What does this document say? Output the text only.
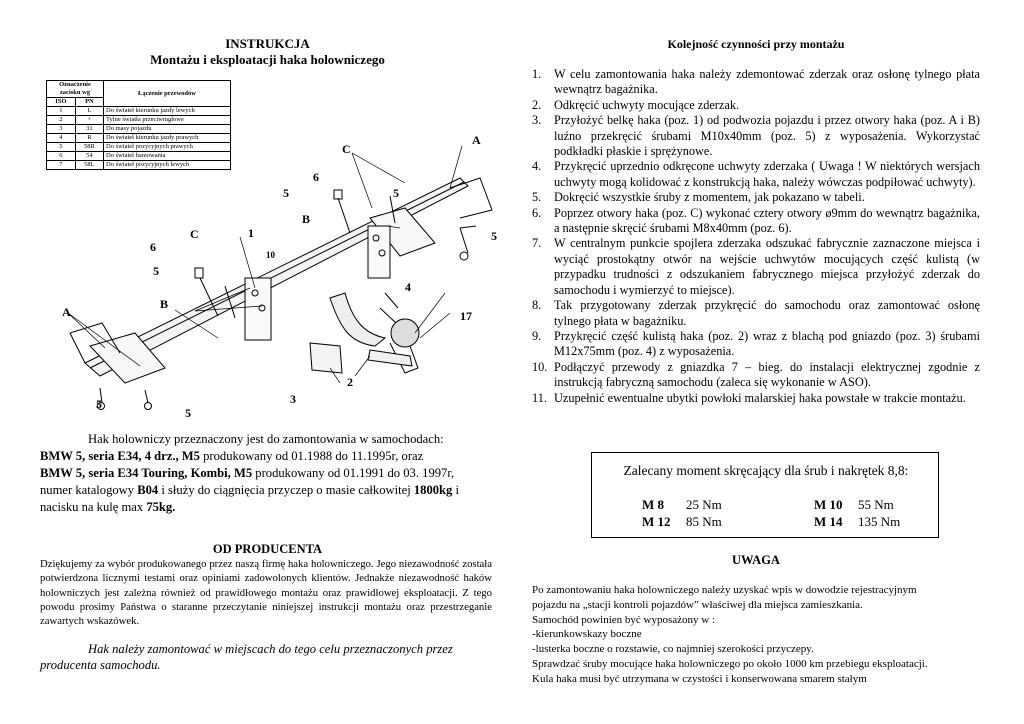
INSTRUKCJA
Montażu i eksploatacji haka holowniczego
Oznaczenie zacisku wg		Łączenie przewodów
ISO	PN	
1	L	Do świateł kierunku jazdy lewych
2	+	Tylne światła przeciwmgłowe
3	31	Do masy pojazdu
4	R	Do świateł kierunku jazdy prawych
5	58R	Do świateł pozycyjnych prawych
6	54	Do świateł hamowania
7	58L	Do świateł pozycyjnych lewych
A
A
B
B
C
C
1
2
3
4
5	5
5
5
5
5
6
6
10
17
Hak holowniczy przeznaczony jest do zamontowania w samochodach:
BMW 5, seria E34, 4 drz., M5 produkowany od 01.1988 do 11.1995r, oraz
BMW 5, seria E34 Touring, Kombi, M5 produkowany od 01.1991 do 03. 1997r,
numer katalogowy B04 i służy do ciągnięcia przyczep o masie całkowitej 1800kg i
nacisku na kulę max 75kg.
OD PRODUCENTA
Dziękujemy za wybór produkowanego przez naszą firmę haka holowniczego. Jego niezawodność została potwierdzona licznymi testami oraz opiniami zadowolonych klientów. Jednakże niezawodność haków holowniczych jest zależna również od prawidłowego montażu oraz prawidłowej eksploatacji. Z tego powodu prosimy Państwa o staranne przeczytanie niniejszej instrukcji montażu oraz przestrzeganie zawartych wskazówek.
Hak należy zamontować w miejscach do tego celu przeznaczonych przez producenta samochodu.
Kolejność czynności przy montażu
1.	W celu zamontowania haka należy zdemontować zderzak oraz osłonę tylnego płata wewnątrz bagażnika.
2.	Odkręcić uchwyty mocujące zderzak.
3.	Przyłożyć belkę haka (poz. 1) od podwozia pojazdu i przez otwory haka (poz. A i B) luźno przekręcić śrubami M10x40mm (poz. 5) z wyposażenia. Wykorzystać podkładki płaskie i sprężynowe.
4.	Przykręcić uprzednio odkręcone uchwyty zderzaka ( Uwaga ! W niektórych wersjach uchwyty mogą kolidować z konstrukcją haka, należy wówczas podpiłować uchwyty).
5.	Dokręcić wszystkie śruby z momentem, jak pokazano w tabeli.
6.	Poprzez otwory haka (poz. C) wykonać cztery otwory ø9mm do wewnątrz bagażnika, a następnie skręcić śrubami M8x40mm (poz. 6).
7.	W centralnym punkcie spojlera zderzaka odszukać fabrycznie zaznaczone miejsca i wyciąć prostokątny otwór na wejście uchwytów mocujących część kulistą (w przypadku trudności z odszukaniem fabrycznego miejsca przyłożyć zderzak do samochodu i wymierzyć to miejsce).
8.	Tak przygotowany zderzak przykręcić do samochodu oraz zamontować osłonę tylnego płata w bagażniku.
9.	Przykręcić część kulistą haka (poz. 2) wraz z blachą pod gniazdo (poz. 3) śrubami M12x75mm (poz. 4) z wyposażenia.
10. Podłączyć przewody z gniazdka 7 – bieg. do instalacji elektrycznej zgodnie z instrukcją fabryczną samochodu (zaleca się wykonanie w ASO).
11. Uzupełnić ewentualne ubytki powłoki malarskiej haka powstałe w trakcie montażu.
Zalecany moment skręcający dla śrub i nakrętek 8,8:
M 8 25 Nm	M 10 55 Nm
M 12 85 Nm	M 14 135 Nm
UWAGA
Po zamontowaniu haka holowniczego należy uzyskać wpis w dowodzie rejestracyjnym
pojazdu na „stacji kontroli pojazdów” właściwej dla miejsca zamieszkania.
Samochód powinien być wyposażony w :
-kierunkowskazy boczne
-lusterka boczne o rozstawie, co najmniej szerokości przyczepy.
Sprawdzać śruby mocujące haka holowniczego po około 1000 km przebiegu eksploatacji.
Kula haka musi być utrzymana w czystości i konserwowana smarem stałym
